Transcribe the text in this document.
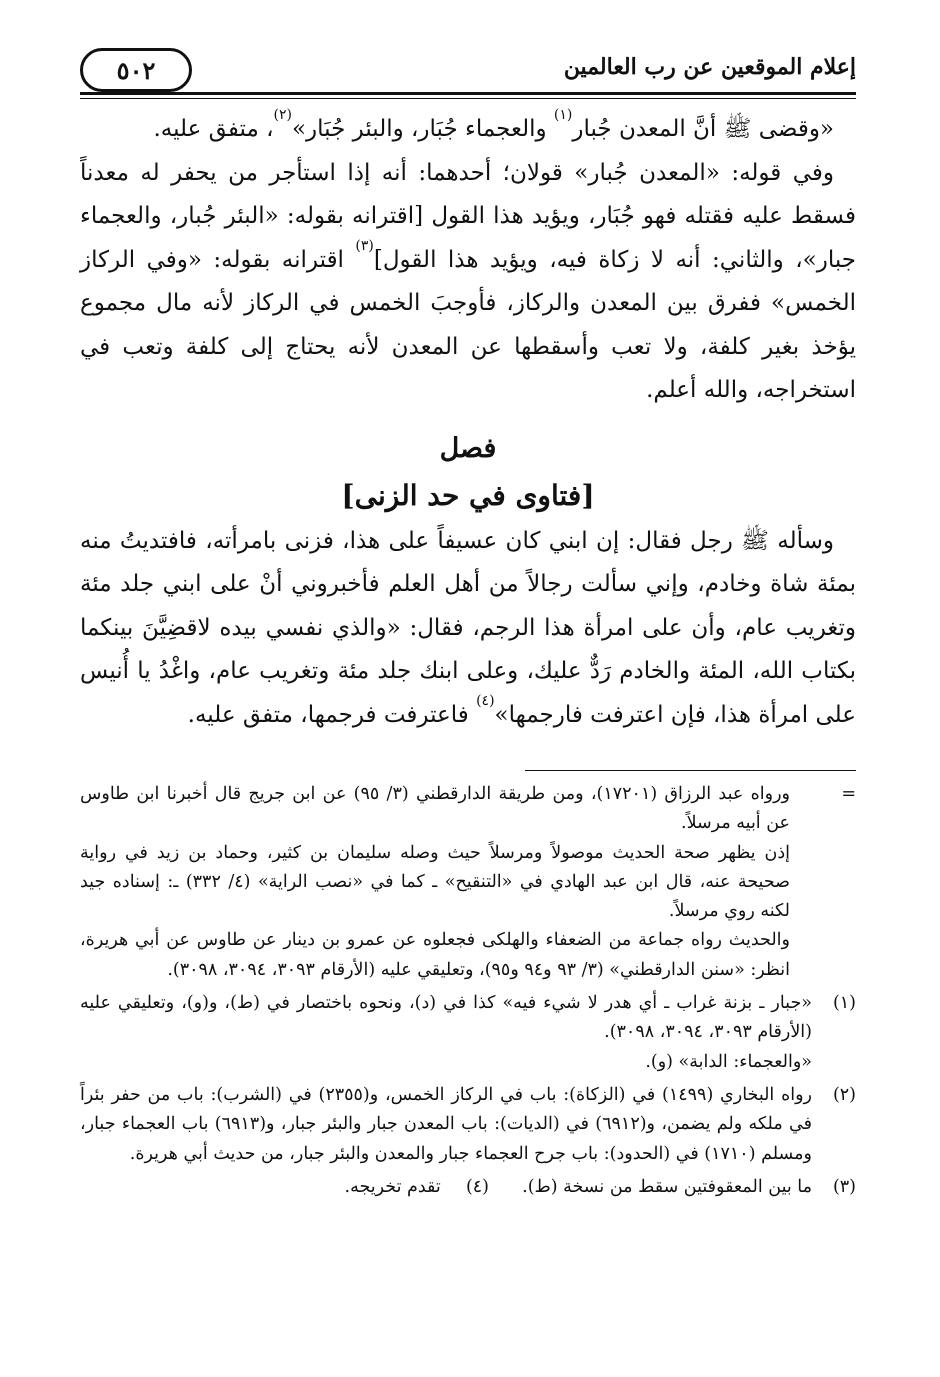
إعلام الموقعين عن رب العالمين
٥٠٢

«وقضى ﷺ أنَّ المعدن جُبار$^{(١)}$ والعجماء جُبَار، والبئر جُبَار»$^{(٢)}$، متفق عليه.

وفي قوله: «المعدن جُبار» قولان؛ أحدهما: أنه إذا استأجر من يحفر له معدناً فسقط عليه فقتله فهو جُبَار، ويؤيد هذا القول [اقترانه بقوله: «البئر جُبار، والعجماء جبار»، والثاني: أنه لا زكاة فيه، ويؤيد هذا القول]$^{(٣)}$ اقترانه بقوله: «وفي الركاز الخمس» ففرق بين المعدن والركاز، فأوجبَ الخمس في الركاز لأنه مال مجموع يؤخذ بغير كلفة، ولا تعب وأسقطها عن المعدن لأنه يحتاج إلى كلفة وتعب في استخراجه، والله أعلم.

فصل
[فتاوى في حد الزنى]

وسأله ﷺ رجل فقال: إن ابني كان عسيفاً على هذا، فزنى بامرأته، فافتديتُ منه بمئة شاة وخادم، وإني سألت رجالاً من أهل العلم فأخبروني أنْ على ابني جلد مئة وتغريب عام، وأن على امرأة هذا الرجم، فقال: «والذي نفسي بيده لاقضِيَّنَ بينكما بكتاب الله، المئة والخادم رَدٌّ عليك، وعلى ابنك جلد مئة وتغريب عام، واغْدُ يا أُنيس على امرأة هذا، فإن اعترفت فارجمها»$^{(٤)}$ فاعترفت فرجمها، متفق عليه.

=

ورواه عبد الرزاق (١٧٢٠١)، ومن طريقة الدارقطني (٣/ ٩٥) عن ابن جريج قال أخبرنا ابن طاوس عن أبيه مرسلاً.

إذن يظهر صحة الحديث موصولاً ومرسلاً حيث وصله سليمان بن كثير، وحماد بن زيد في رواية صحيحة عنه، قال ابن عبد الهادي في «التنقيح» ـ كما في «نصب الراية» (٤/ ٣٣٢) ـ: إسناده جيد لكنه روي مرسلاً.

والحديث رواه جماعة من الضعفاء والهلكى فجعلوه عن عمرو بن دينار عن طاوس عن أبي هريرة، انظر: «سنن الدارقطني» (٣/ ٩٣ و٩٤ و٩٥)، وتعليقي عليه (الأرقام ٣٠٩٣، ٣٠٩٤، ٣٠٩٨).

(١)

«جبار ـ بزنة غراب ـ أي هدر لا شيء فيه» كذا في (د)، ونحوه باختصار في (ط)، و(و)، وتعليقي عليه (الأرقام ٣٠٩٣، ٣٠٩٤، ٣٠٩٨).

«والعجماء: الدابة» (و).

(٢)

رواه البخاري (١٤٩٩) في (الزكاة): باب في الركاز الخمس، و(٢٣٥٥) في (الشرب): باب من حفر بئراً في ملكه ولم يضمن، و(٦٩١٢) في (الديات): باب المعدن جبار والبئر جبار، و(٦٩١٣) باب العجماء جبار، ومسلم (١٧١٠) في (الحدود): باب جرح العجماء جبار والمعدن والبئر جبار، من حديث أبي هريرة.

(٣)

ما بين المعقوفتين سقط من نسخة (ط).  (٤)  تقدم تخريجه.
